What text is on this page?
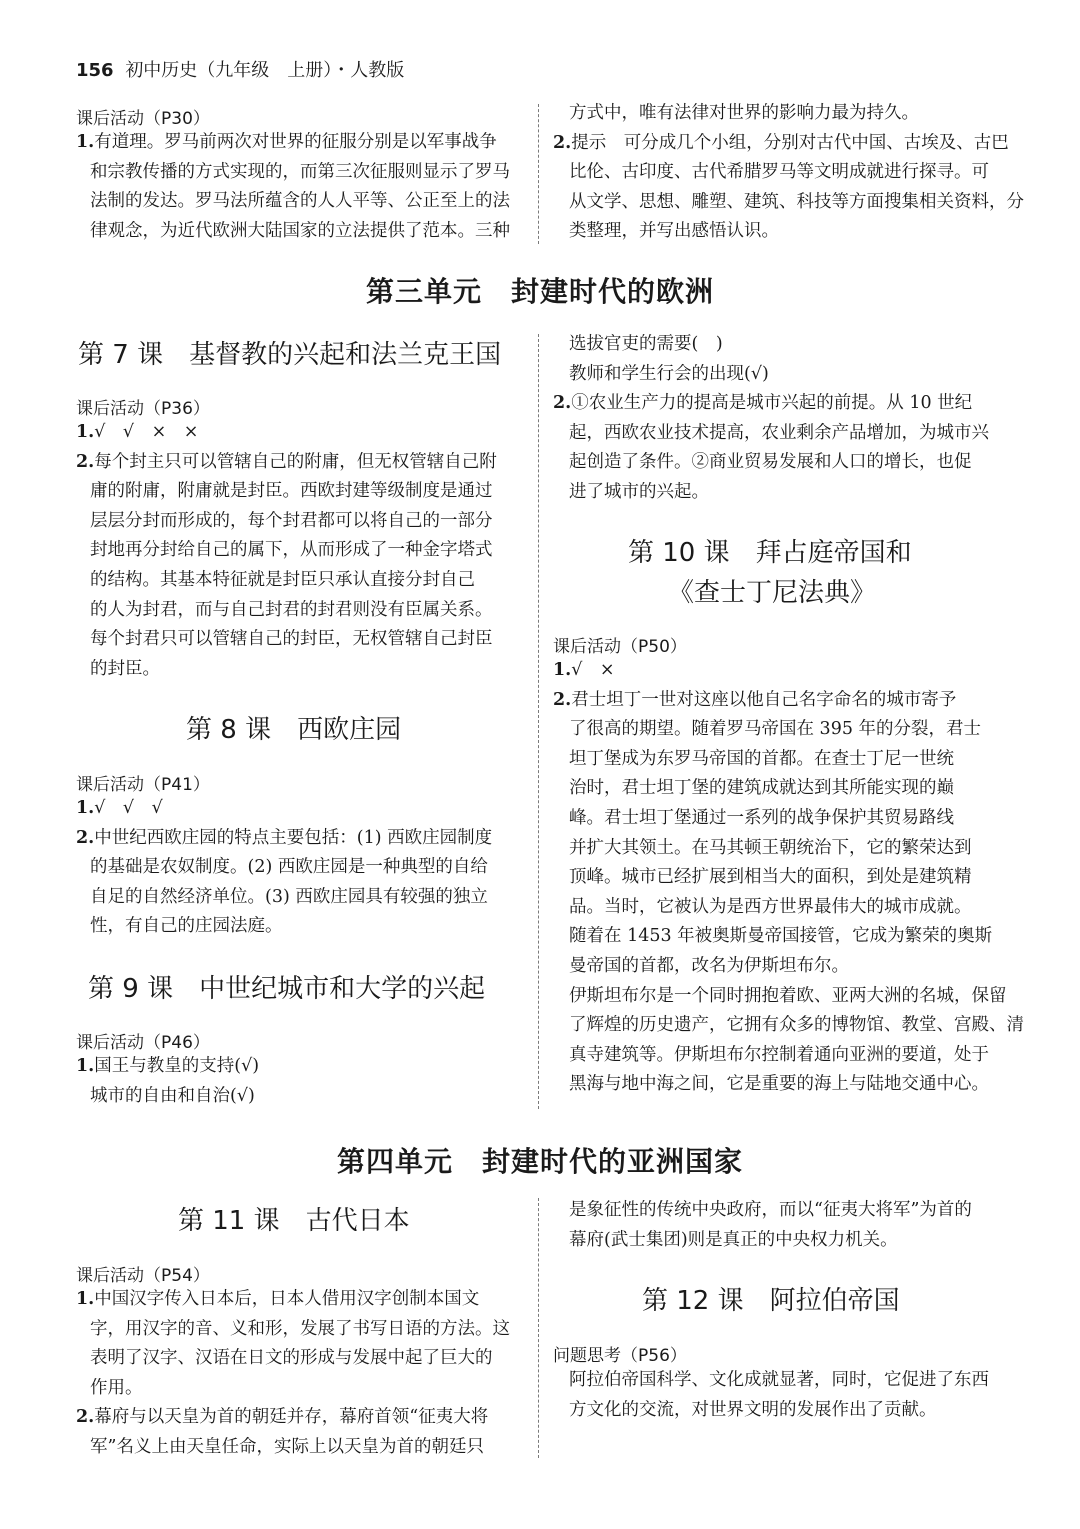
156 初中历史（九年级　上册）・人教版
课后活动（P30）
1.有道理。罗马前两次对世界的征服分别是以军事战争
和宗教传播的方式实现的，而第三次征服则显示了罗马
法制的发达。罗马法所蕴含的人人平等、公正至上的法
律观念，为近代欧洲大陆国家的立法提供了范本。三种
方式中，唯有法律对世界的影响力最为持久。
2.提示　可分成几个小组，分别对古代中国、古埃及、古巴
比伦、古印度、古代希腊罗马等文明成就进行探寻。可
从文学、思想、雕塑、建筑、科技等方面搜集相关资料，分
类整理，并写出感悟认识。
第三单元　封建时代的欧洲
第 7 课　基督教的兴起和法兰克王国
课后活动（P36）
1.√　√　×　×
2.每个封主只可以管辖自己的附庸，但无权管辖自己附
庸的附庸，附庸就是封臣。西欧封建等级制度是通过
层层分封而形成的，每个封君都可以将自己的一部分
封地再分封给自己的属下，从而形成了一种金字塔式
的结构。其基本特征就是封臣只承认直接分封自己
的人为封君，而与自己封君的封君则没有臣属关系。
每个封君只可以管辖自己的封臣，无权管辖自己封臣
的封臣。
第 8 课　西欧庄园
课后活动（P41）
1.√　√　√
2.中世纪西欧庄园的特点主要包括：(1) 西欧庄园制度
的基础是农奴制度。(2) 西欧庄园是一种典型的自给
自足的自然经济单位。(3) 西欧庄园具有较强的独立
性，有自己的庄园法庭。
第 9 课　中世纪城市和大学的兴起
课后活动（P46）
1.国王与教皇的支持(√)
城市的自由和自治(√)
选拔官吏的需要(　)
教师和学生行会的出现(√)
2.①农业生产力的提高是城市兴起的前提。从 10 世纪
起，西欧农业技术提高，农业剩余产品增加，为城市兴
起创造了条件。②商业贸易发展和人口的增长，也促
进了城市的兴起。
第 10 课　拜占庭帝国和
《查士丁尼法典》
课后活动（P50）
1.√　×
2.君士坦丁一世对这座以他自己名字命名的城市寄予
了很高的期望。随着罗马帝国在 395 年的分裂，君士
坦丁堡成为东罗马帝国的首都。在查士丁尼一世统
治时，君士坦丁堡的建筑成就达到其所能实现的巅
峰。君士坦丁堡通过一系列的战争保护其贸易路线
并扩大其领土。在马其顿王朝统治下，它的繁荣达到
顶峰。城市已经扩展到相当大的面积，到处是建筑精
品。当时，它被认为是西方世界最伟大的城市成就。
随着在 1453 年被奥斯曼帝国接管，它成为繁荣的奥斯
曼帝国的首都，改名为伊斯坦布尔。
伊斯坦布尔是一个同时拥抱着欧、亚两大洲的名城，保留
了辉煌的历史遗产，它拥有众多的博物馆、教堂、宫殿、清
真寺建筑等。伊斯坦布尔控制着通向亚洲的要道，处于
黑海与地中海之间，它是重要的海上与陆地交通中心。
第四单元　封建时代的亚洲国家
第 11 课　古代日本
课后活动（P54）
1.中国汉字传入日本后，日本人借用汉字创制本国文
字，用汉字的音、义和形，发展了书写日语的方法。这
表明了汉字、汉语在日文的形成与发展中起了巨大的
作用。
2.幕府与以天皇为首的朝廷并存，幕府首领“征夷大将
军”名义上由天皇任命，实际上以天皇为首的朝廷只
是象征性的传统中央政府，而以“征夷大将军”为首的
幕府(武士集团)则是真正的中央权力机关。
第 12 课　阿拉伯帝国
问题思考（P56）
阿拉伯帝国科学、文化成就显著，同时，它促进了东西
方文化的交流，对世界文明的发展作出了贡献。
